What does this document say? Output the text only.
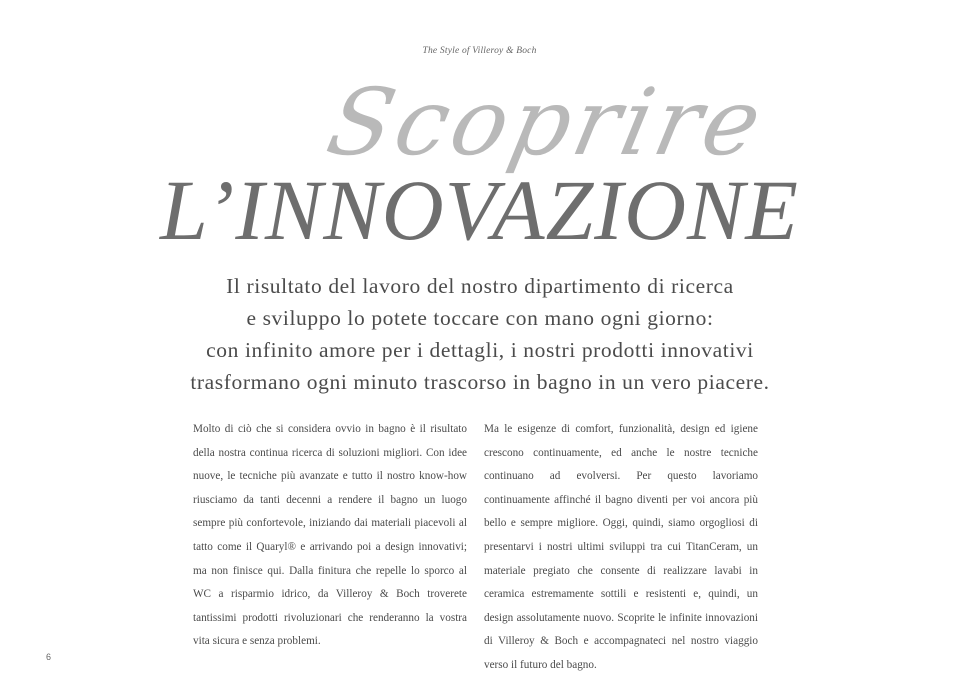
The Style of Villeroy & Boch
Scoprire
L’INNOVAZIONE
Il risultato del lavoro del nostro dipartimento di ricerca
e sviluppo lo potete toccare con mano ogni giorno:
con infinito amore per i dettagli, i nostri prodotti innovativi
trasformano ogni minuto trascorso in bagno in un vero piacere.

Molto di ciò che si considera ovvio in bagno è il risultato della nostra continua ricerca di soluzioni migliori. Con idee nuove, le tecniche più avanzate e tutto il nostro know-how riusciamo da tanti decenni a rendere il bagno un luogo sempre più confortevole, iniziando dai materiali piacevoli al tatto come il Quaryl® e arrivando poi a design innovativi; ma non finisce qui. Dalla finitura che repelle lo sporco al WC a risparmio idrico, da Villeroy & Boch troverete tantissimi prodotti rivoluzionari che renderanno la vostra vita sicura e senza problemi.

Ma le esigenze di comfort, funzionalità, design ed igiene crescono continuamente, ed anche le nostre tecniche continuano ad evolversi. Per questo lavoriamo continuamente affinché il bagno diventi per voi ancora più bello e sempre migliore. Oggi, quindi, siamo orgogliosi di presentarvi i nostri ultimi sviluppi tra cui TitanCeram, un materiale pregiato che consente di realizzare lavabi in ceramica estremamente sottili e resistenti e, quindi, un design assolutamente nuovo. Scoprite le infinite innovazioni di Villeroy & Boch e accompagnateci nel nostro viaggio verso il futuro del bagno.

6
